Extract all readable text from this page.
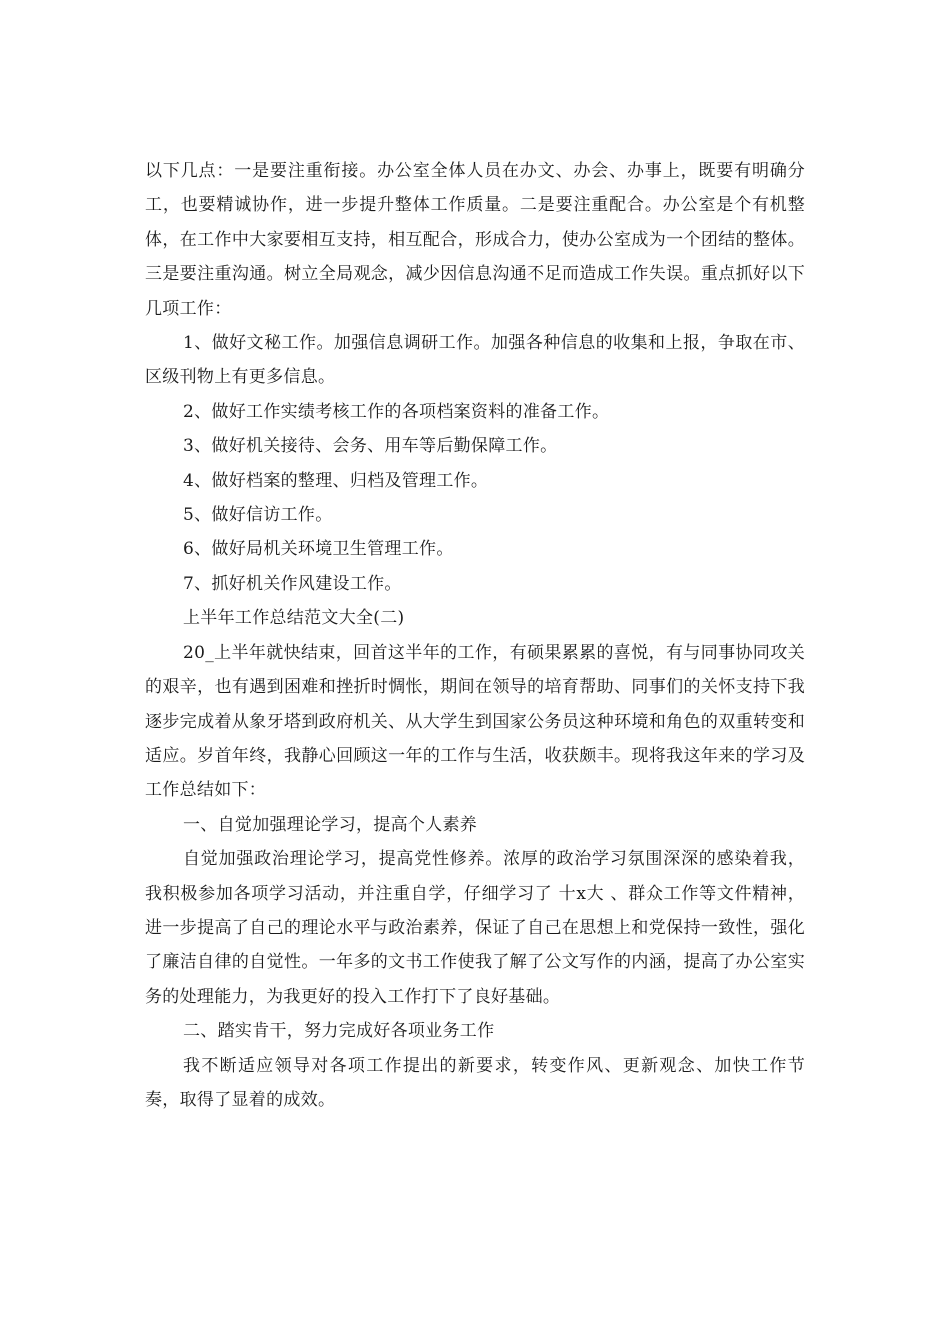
以下几点：一是要注重衔接。办公室全体人员在办文、办会、办事上，既要有明确分工，也要精诚协作，进一步提升整体工作质量。二是要注重配合。办公室是个有机整体，在工作中大家要相互支持，相互配合，形成合力，使办公室成为一个团结的整体。三是要注重沟通。树立全局观念，减少因信息沟通不足而造成工作失误。重点抓好以下几项工作：

1、做好文秘工作。加强信息调研工作。加强各种信息的收集和上报，争取在市、区级刊物上有更多信息。

2、做好工作实绩考核工作的各项档案资料的准备工作。

3、做好机关接待、会务、用车等后勤保障工作。

4、做好档案的整理、归档及管理工作。

5、做好信访工作。

6、做好局机关环境卫生管理工作。

7、抓好机关作风建设工作。

上半年工作总结范文大全(二)

20_上半年就快结束，回首这半年的工作，有硕果累累的喜悦，有与同事协同攻关的艰辛，也有遇到困难和挫折时惆怅，期间在领导的培育帮助、同事们的关怀支持下我逐步完成着从象牙塔到政府机关、从大学生到国家公务员这种环境和角色的双重转变和适应。岁首年终，我静心回顾这一年的工作与生活，收获颇丰。现将我这年来的学习及工作总结如下：

一、自觉加强理论学习，提高个人素养

自觉加强政治理论学习，提高党性修养。浓厚的政治学习氛围深深的感染着我，我积极参加各项学习活动，并注重自学，仔细学习了 十x大 、群众工作等文件精神，进一步提高了自己的理论水平与政治素养，保证了自己在思想上和党保持一致性，强化了廉洁自律的自觉性。一年多的文书工作使我了解了公文写作的内涵，提高了办公室实务的处理能力，为我更好的投入工作打下了良好基础。

二、踏实肯干，努力完成好各项业务工作

我不断适应领导对各项工作提出的新要求，转变作风、更新观念、加快工作节奏，取得了显着的成效。
